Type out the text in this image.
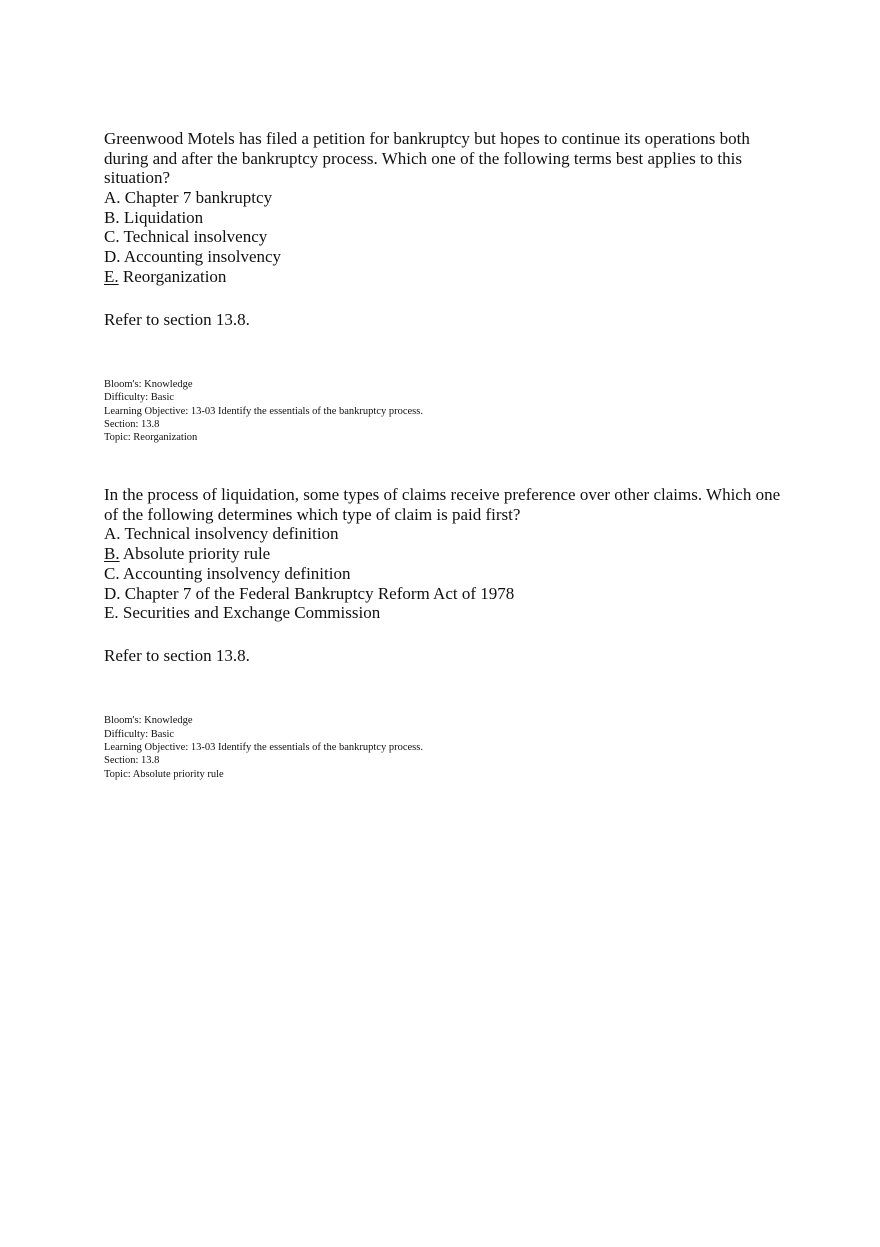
Greenwood Motels has filed a petition for bankruptcy but hopes to continue its operations both during and after the bankruptcy process. Which one of the following terms best applies to this situation?

A. Chapter 7 bankruptcy
B. Liquidation
C. Technical insolvency
D. Accounting insolvency
E. Reorganization

Refer to section 13.8.

Bloom's: Knowledge
Difficulty: Basic
Learning Objective: 13-03 Identify the essentials of the bankruptcy process.
Section: 13.8
Topic: Reorganization

In the process of liquidation, some types of claims receive preference over other claims. Which one of the following determines which type of claim is paid first?

A. Technical insolvency definition
B. Absolute priority rule
C. Accounting insolvency definition
D. Chapter 7 of the Federal Bankruptcy Reform Act of 1978
E. Securities and Exchange Commission

Refer to section 13.8.

Bloom's: Knowledge
Difficulty: Basic
Learning Objective: 13-03 Identify the essentials of the bankruptcy process.
Section: 13.8
Topic: Absolute priority rule
